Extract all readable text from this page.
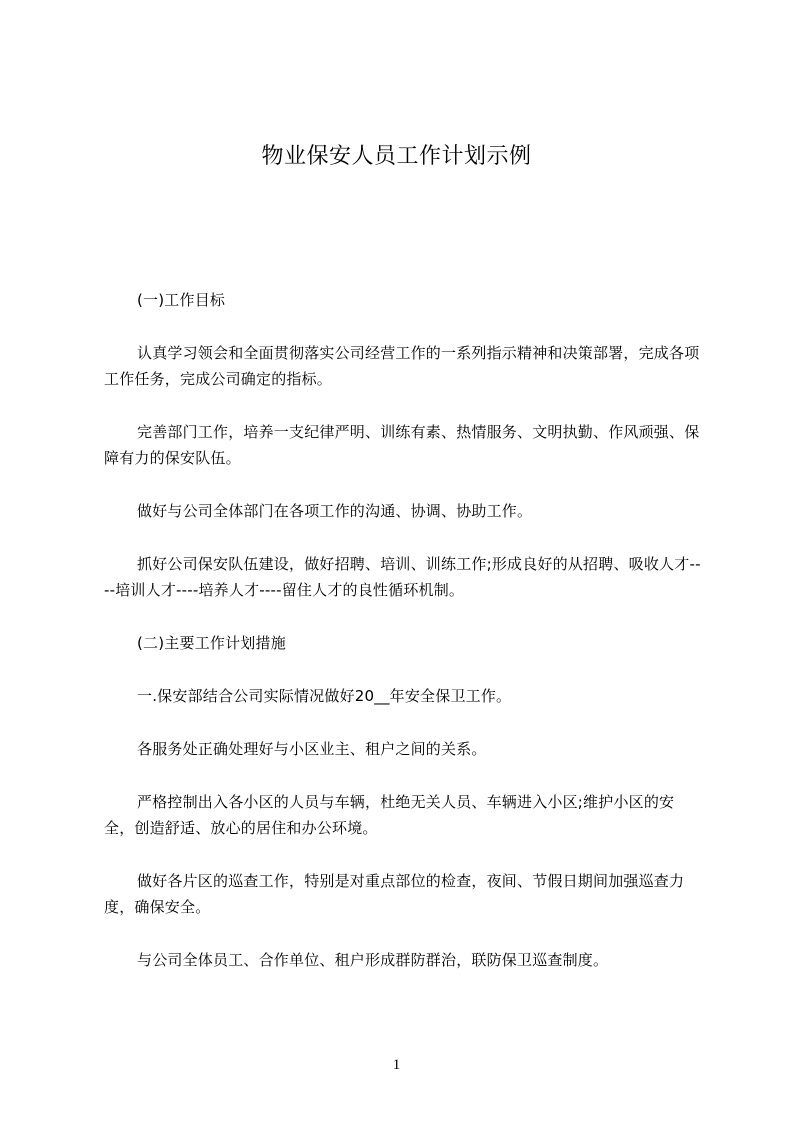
物业保安人员工作计划示例

(一)工作目标

认真学习领会和全面贯彻落实公司经营工作的一系列指示精神和决策部署，完成各项工作任务，完成公司确定的指标。

完善部门工作，培养一支纪律严明、训练有素、热情服务、文明执勤、作风顽强、保障有力的保安队伍。

做好与公司全体部门在各项工作的沟通、协调、协助工作。

抓好公司保安队伍建设，做好招聘、培训、训练工作;形成良好的从招聘、吸收人才----培训人才----培养人才----留住人才的良性循环机制。

(二)主要工作计划措施

一.保安部结合公司实际情况做好20__年安全保卫工作。

各服务处正确处理好与小区业主、租户之间的关系。

严格控制出入各小区的人员与车辆，杜绝无关人员、车辆进入小区;维护小区的安全，创造舒适、放心的居住和办公环境。

做好各片区的巡查工作，特别是对重点部位的检查，夜间、节假日期间加强巡查力度，确保安全。

与公司全体员工、合作单位、租户形成群防群治，联防保卫巡查制度。

1
